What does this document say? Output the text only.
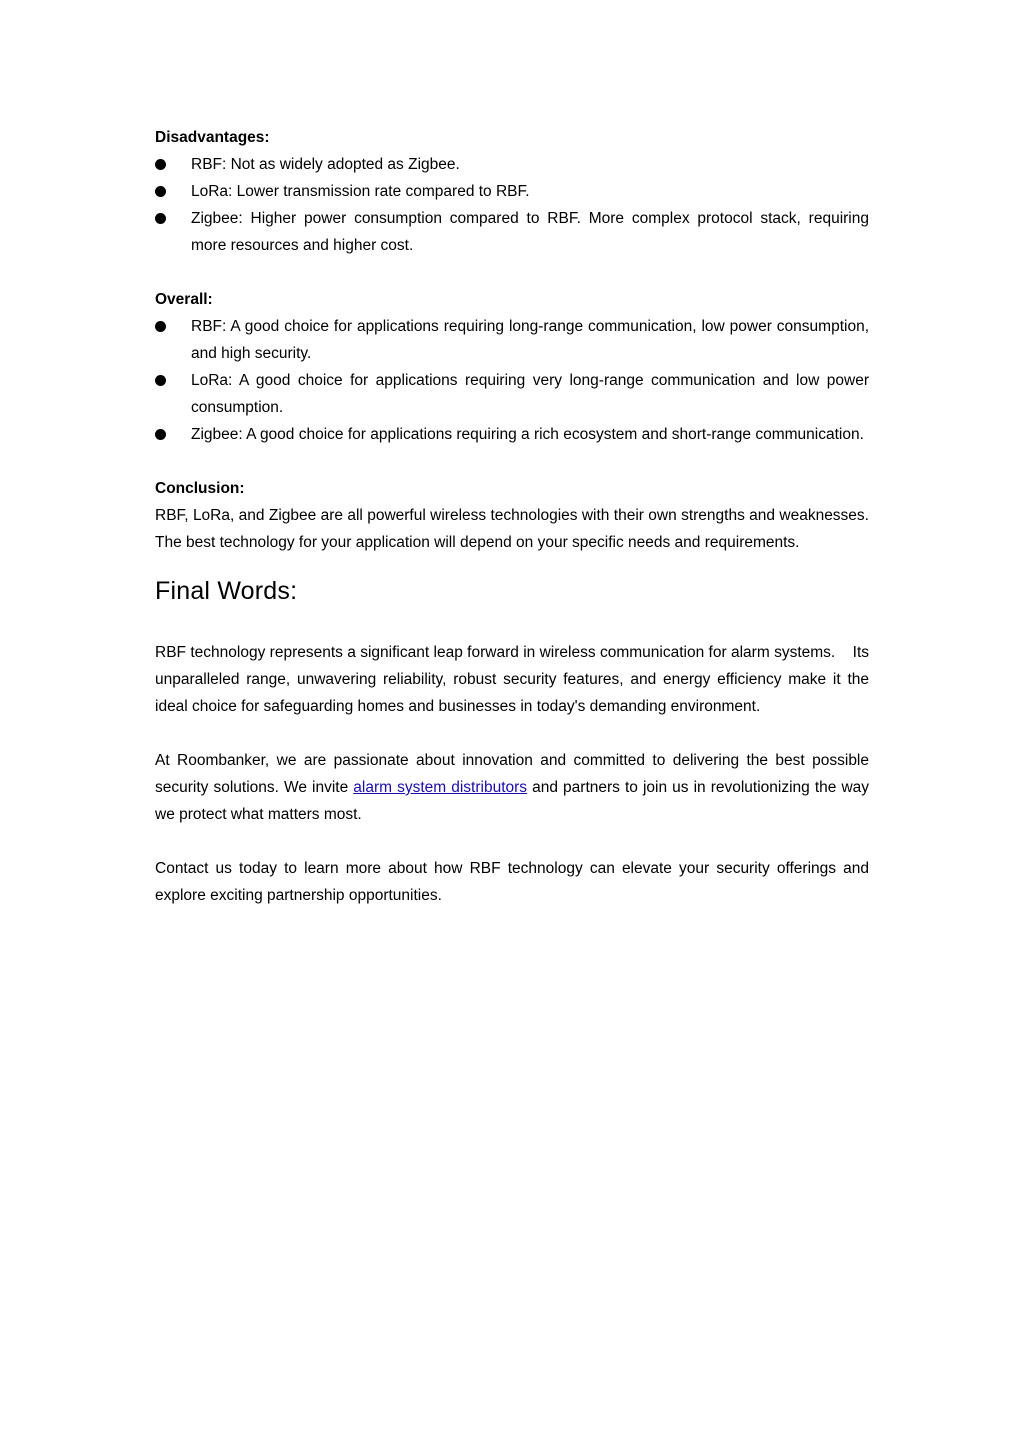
Disadvantages:
RBF: Not as widely adopted as Zigbee.
LoRa: Lower transmission rate compared to RBF.
Zigbee: Higher power consumption compared to RBF. More complex protocol stack, requiring more resources and higher cost.
Overall:
RBF: A good choice for applications requiring long-range communication, low power consumption, and high security.
LoRa: A good choice for applications requiring very long-range communication and low power consumption.
Zigbee: A good choice for applications requiring a rich ecosystem and short-range communication.
Conclusion:

RBF, LoRa, and Zigbee are all powerful wireless technologies with their own strengths and weaknesses. The best technology for your application will depend on your specific needs and requirements.

Final Words:

RBF technology represents a significant leap forward in wireless communication for alarm systems.    Its unparalleled range, unwavering reliability, robust security features, and energy efficiency make it the ideal choice for safeguarding homes and businesses in today's demanding environment.

At Roombanker, we are passionate about innovation and committed to delivering the best possible security solutions. We invite alarm system distributors and partners to join us in revolutionizing the way we protect what matters most.

Contact us today to learn more about how RBF technology can elevate your security offerings and explore exciting partnership opportunities.
